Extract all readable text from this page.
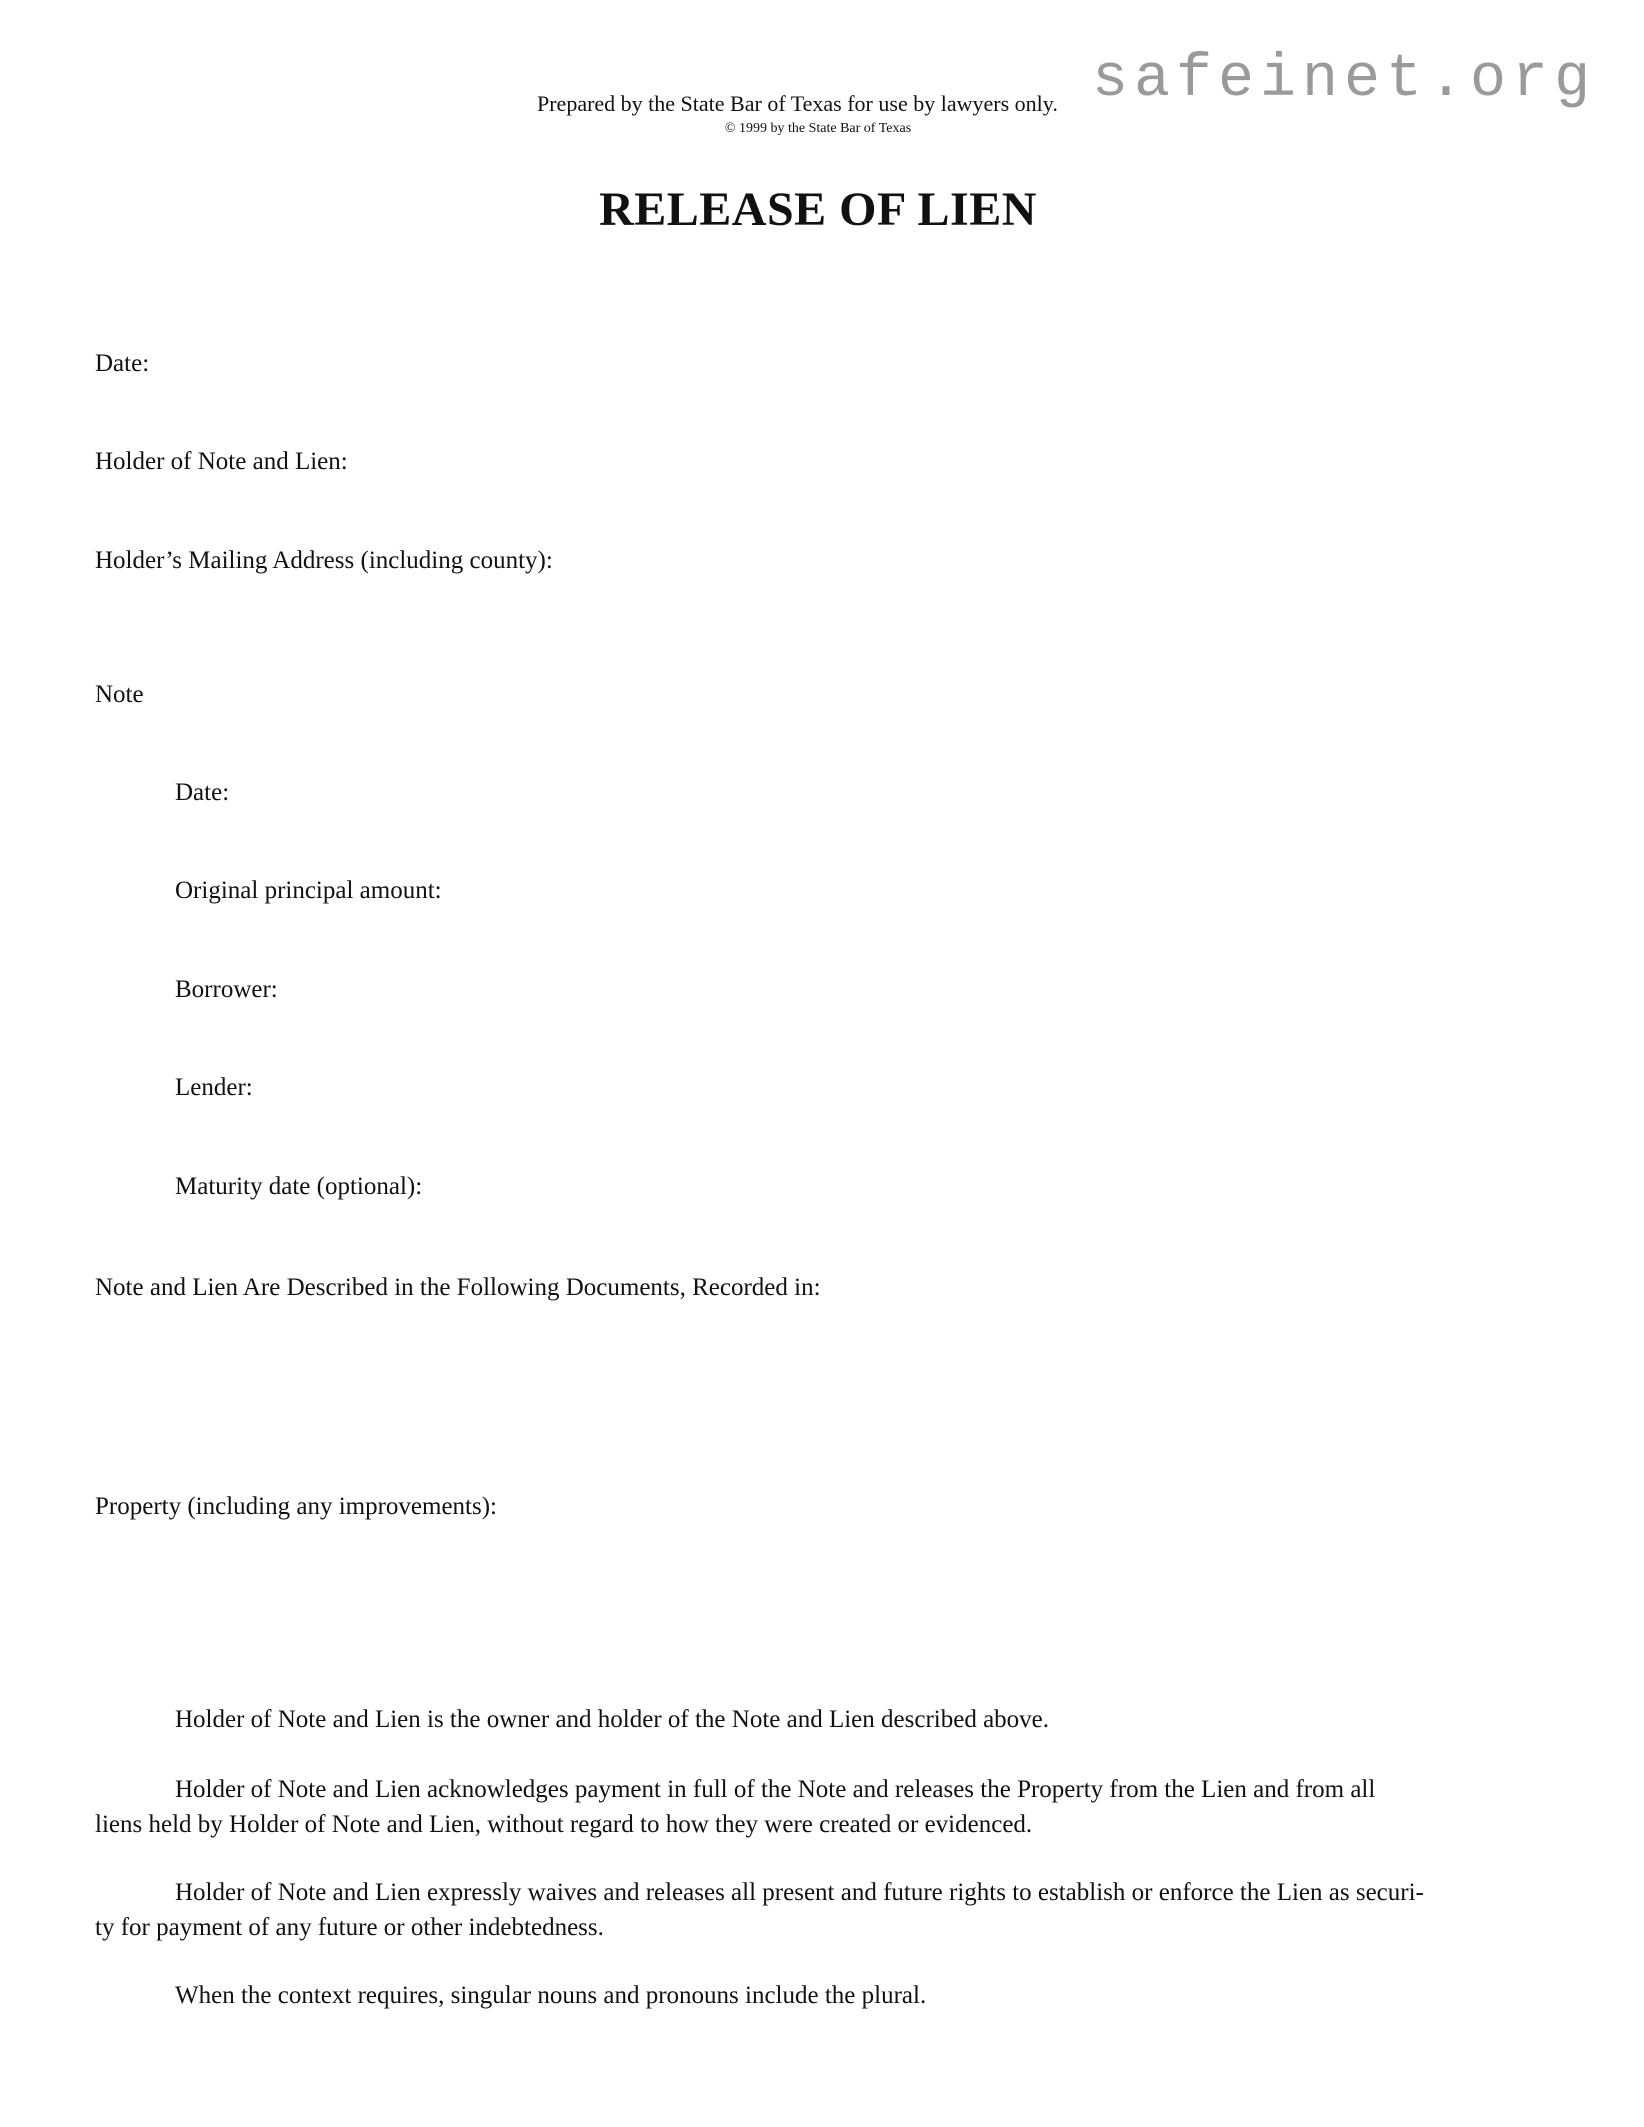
safeinet.org
Prepared by the State Bar of Texas for use by lawyers only.
© 1999 by the State Bar of Texas
RELEASE OF LIEN
Date:
Holder of Note and Lien:
Holder’s Mailing Address (including county):
Note
Date:
Original principal amount:
Borrower:
Lender:
Maturity date (optional):
Note and Lien Are Described in the Following Documents, Recorded in:
Property (including any improvements):

Holder of Note and Lien is the owner and holder of the Note and Lien described above.

Holder of Note and Lien acknowledges payment in full of the Note and releases the Property from the Lien and from all
liens held by Holder of Note and Lien, without regard to how they were created or evidenced.

Holder of Note and Lien expressly waives and releases all present and future rights to establish or enforce the Lien as securi-
ty for payment of any future or other indebtedness.

When the context requires, singular nouns and pronouns include the plural.
